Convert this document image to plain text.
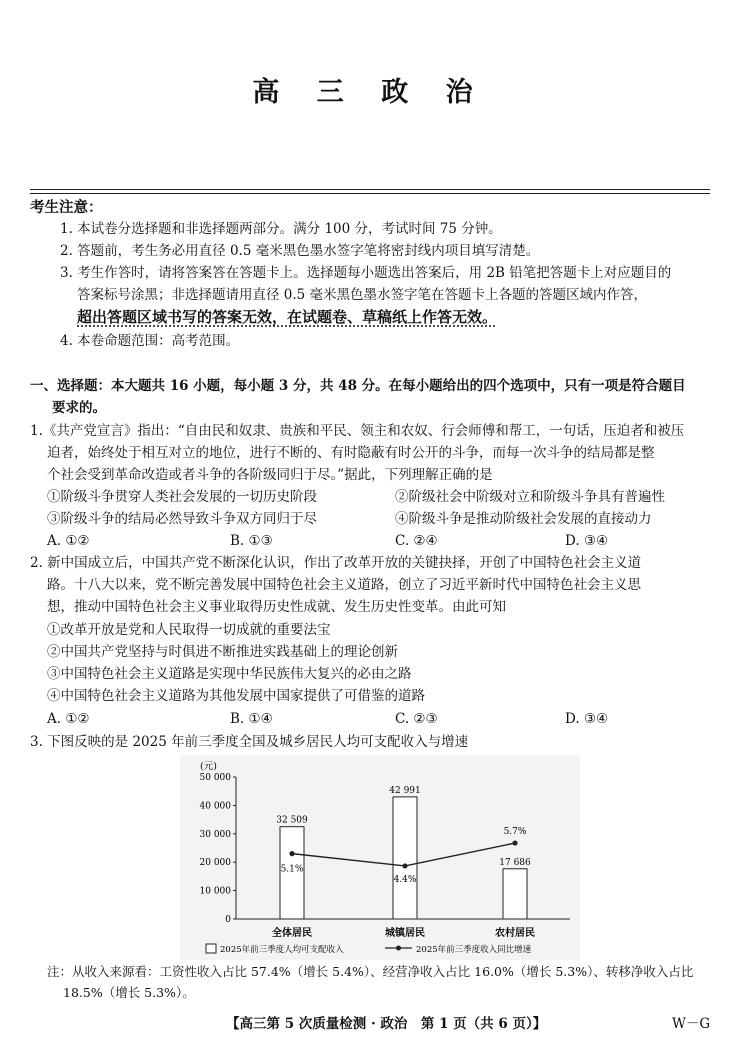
高 三 政 治
考生注意：
1. 本试卷分选择题和非选择题两部分。满分 100 分，考试时间 75 分钟。
2. 答题前，考生务必用直径 0.5 毫米黑色墨水签字笔将密封线内项目填写清楚。
3. 考生作答时，请将答案答在答题卡上。选择题每小题选出答案后，用 2B 铅笔把答题卡上对应题目的
答案标号涂黑；非选择题请用直径 0.5 毫米黑色墨水签字笔在答题卡上各题的答题区域内作答，
超出答题区域书写的答案无效，在试题卷、草稿纸上作答无效。
4. 本卷命题范围：高考范围。
一、选择题：本大题共 16 小题，每小题 3 分，共 48 分。在每小题给出的四个选项中，只有一项是符合题目
要求的。
1.《共产党宣言》指出：“自由民和奴隶、贵族和平民、领主和农奴、行会师傅和帮工，一句话，压迫者和被压
迫者，始终处于相互对立的地位，进行不断的、有时隐蔽有时公开的斗争，而每一次斗争的结局都是整
个社会受到革命改造或者斗争的各阶级同归于尽。”据此，下列理解正确的是
①阶级斗争贯穿人类社会发展的一切历史阶段	②阶级社会中阶级对立和阶级斗争具有普遍性
③阶级斗争的结局必然导致斗争双方同归于尽	④阶级斗争是推动阶级社会发展的直接动力
A. ①②	B. ①③	C. ②④	D. ③④
2. 新中国成立后，中国共产党不断深化认识，作出了改革开放的关键抉择，开创了中国特色社会主义道
路。十八大以来，党不断完善发展中国特色社会主义道路，创立了习近平新时代中国特色社会主义思
想，推动中国特色社会主义事业取得历史性成就、发生历史性变革。由此可知
①改革开放是党和人民取得一切成就的重要法宝
②中国共产党坚持与时俱进不断推进实践基础上的理论创新
③中国特色社会主义道路是实现中华民族伟大复兴的必由之路
④中国特色社会主义道路为其他发展中国家提供了可借鉴的道路
A. ①②	B. ①④	C. ②③	D. ③④
3. 下图反映的是 2025 年前三季度全国及城乡居民人均可支配收入与增速
(元)
0
10 000
20 000
30 000
40 000
50 000
32 509
42 991
17 686
5.1%
4.4%
5.7%
全体居民	城镇居民	农村居民
2025年前三季度人均可支配收入	2025年前三季度收入同比增速
注：从收入来源看：工资性收入占比 57.4%（增长 5.4%）、经营净收入占比 16.0%（增长 5.3%）、转移净收入占比
18.5%（增长 5.3%）。
【高三第 5 次质量检测 · 政治　第 1 页（共 6 页）】	W－G
